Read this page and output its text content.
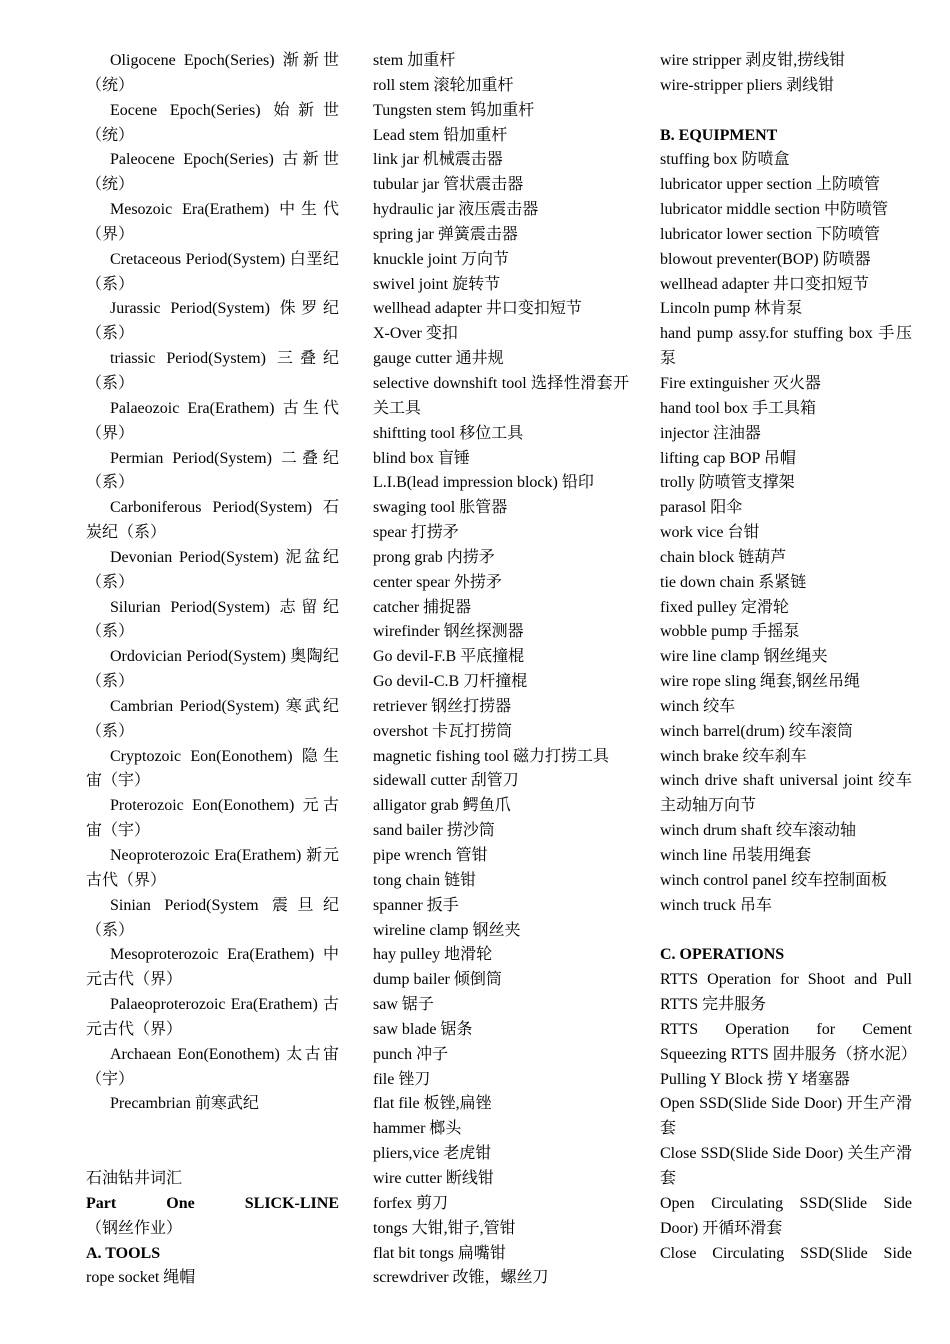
Oligocene Epoch(Series) 渐新世（统）
Eocene Epoch(Series) 始新世（统）
Paleocene Epoch(Series) 古新世（统）
Mesozoic Era(Erathem) 中生代（界）
Cretaceous Period(System) 白垩纪（系）
Jurassic Period(System) 侏罗纪（系）
triassic Period(System) 三叠纪（系）
Palaeozoic Era(Erathem) 古生代（界）
Permian Period(System) 二叠纪（系）
Carboniferous Period(System) 石炭纪（系）
Devonian Period(System) 泥盆纪（系）
Silurian Period(System) 志留纪（系）
Ordovician Period(System) 奥陶纪（系）
Cambrian Period(System) 寒武纪（系）
Cryptozoic Eon(Eonothem) 隐生宙（宇）
Proterozoic Eon(Eonothem) 元古宙（宇）
Neoproterozoic Era(Erathem) 新元古代（界）
Sinian Period(System 震旦纪（系）
Mesoproterozoic Era(Erathem) 中元古代（界）
Palaeoproterozoic Era(Erathem) 古元古代（界）
Archaean Eon(Eonothem) 太古宙（宇）
Precambrian 前寒武纪
石油钻井词汇
Part One SLICK-LINE（钢丝作业）
A. TOOLS
rope socket 绳帽
stem 加重杆
roll stem 滚轮加重杆
Tungsten stem 钨加重杆
Lead stem 铅加重杆
link jar 机械震击器
tubular jar 管状震击器
hydraulic jar 液压震击器
spring jar 弹簧震击器
knuckle joint 万向节
swivel joint 旋转节
wellhead adapter 井口变扣短节
X-Over 变扣
gauge cutter 通井规
selective downshift tool 选择性滑套开关工具
shiftting tool 移位工具
blind box 盲锤
L.I.B(lead impression block) 铅印
swaging tool 胀管器
spear 打捞矛
prong grab 内捞矛
center spear 外捞矛
catcher 捕捉器
wirefinder 钢丝探测器
Go devil-F.B 平底撞棍
Go devil-C.B 刀杆撞棍
retriever 钢丝打捞器
overshot 卡瓦打捞筒
magnetic fishing tool 磁力打捞工具
sidewall cutter 刮管刀
alligator grab 鳄鱼爪
sand bailer 捞沙筒
pipe wrench 管钳
tong chain 链钳
spanner 扳手
wireline clamp 钢丝夹
hay pulley 地滑轮
dump bailer 倾倒筒
saw 锯子
saw blade 锯条
punch 冲子
file 锉刀
flat file 板锉,扁锉
hammer 榔头
pliers,vice 老虎钳
wire cutter 断线钳
forfex 剪刀
tongs 大钳,钳子,管钳
flat bit tongs 扁嘴钳
screwdriver 改锥，螺丝刀
wire stripper 剥皮钳,捞线钳
wire-stripper pliers 剥线钳
B. EQUIPMENT
stuffing box 防喷盒
lubricator upper section 上防喷管
lubricator middle section 中防喷管
lubricator lower section 下防喷管
blowout preventer(BOP) 防喷器
wellhead adapter 井口变扣短节
Lincoln pump 林肯泵
hand pump assy.for stuffing box 手压泵
Fire extinguisher 灭火器
hand tool box 手工具箱
injector 注油器
lifting cap BOP 吊帽
trolly 防喷管支撑架
parasol 阳伞
work vice 台钳
chain block 链葫芦
tie down chain 系紧链
fixed pulley 定滑轮
wobble pump 手摇泵
wire line clamp 钢丝绳夹
wire rope sling 绳套,钢丝吊绳
winch 绞车
winch barrel(drum) 绞车滚筒
winch brake 绞车刹车
winch drive shaft universal joint 绞车主动轴万向节
winch drum shaft 绞车滚动轴
winch line 吊装用绳套
winch control panel 绞车控制面板
winch truck 吊车
C. OPERATIONS
RTTS Operation for Shoot and Pull RTTS 完井服务
RTTS Operation for Cement Squeezing RTTS 固井服务（挤水泥）
Pulling Y Block 捞 Y 堵塞器
Open SSD(Slide Side Door) 开生产滑套
Close SSD(Slide Side Door) 关生产滑套
Open Circulating SSD(Slide Side Door) 开循环滑套
Close Circulating SSD(Slide Side
